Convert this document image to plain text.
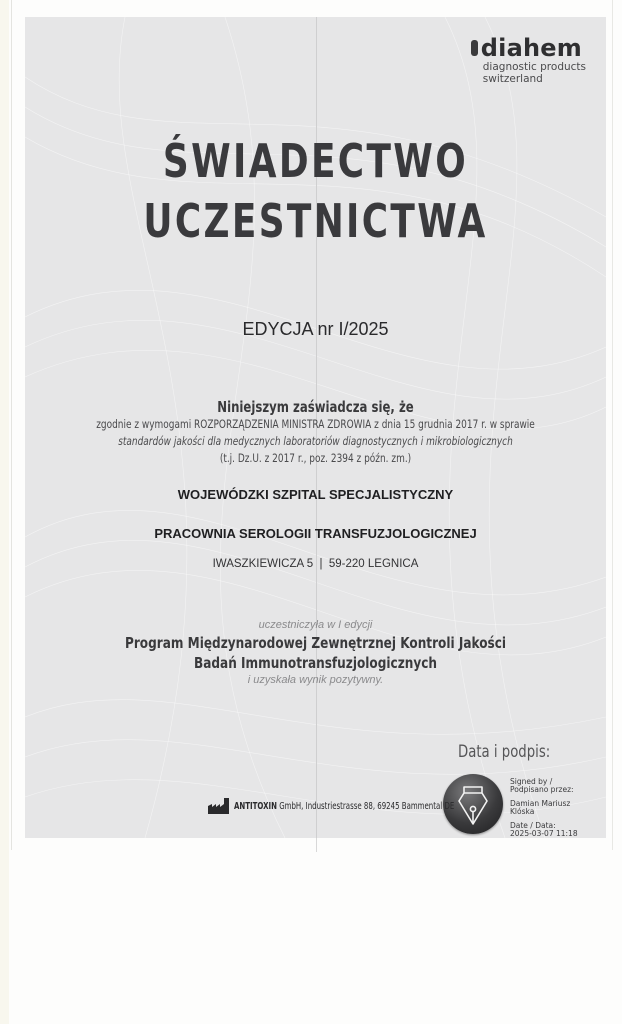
diahem
diagnostic products
switzerland
ŚWIADECTWO
UCZESTNICTWA
EDYCJA nr I/2025
Niniejszym zaświadcza się, że
zgodnie z wymogami ROZPORZĄDZENIA MINISTRA ZDROWIA z dnia 15 grudnia 2017 r. w sprawie
standardów jakości dla medycznych laboratoriów diagnostycznych i mikrobiologicznych
(t.j. Dz.U. z 2017 r., poz. 2394 z późn. zm.)
WOJEWÓDZKI SZPITAL SPECJALISTYCZNY
PRACOWNIA SEROLOGII TRANSFUZJOLOGICZNEJ
IWASZKIEWICZA 5  |  59-220 LEGNICA
uczestniczyła w I edycji
Program Międzynarodowej Zewnętrznej Kontroli Jakości
Badań Immunotransfuzjologicznych
i uzyskała wynik pozytywny.
Data i podpis:
Signed by /
Podpisano przez:
Damian Mariusz
Klóska
Date / Data:
2025-03-07 11:18
ANTITOXIN GmbH, Industriestrasse 88, 69245 Bammental DE
